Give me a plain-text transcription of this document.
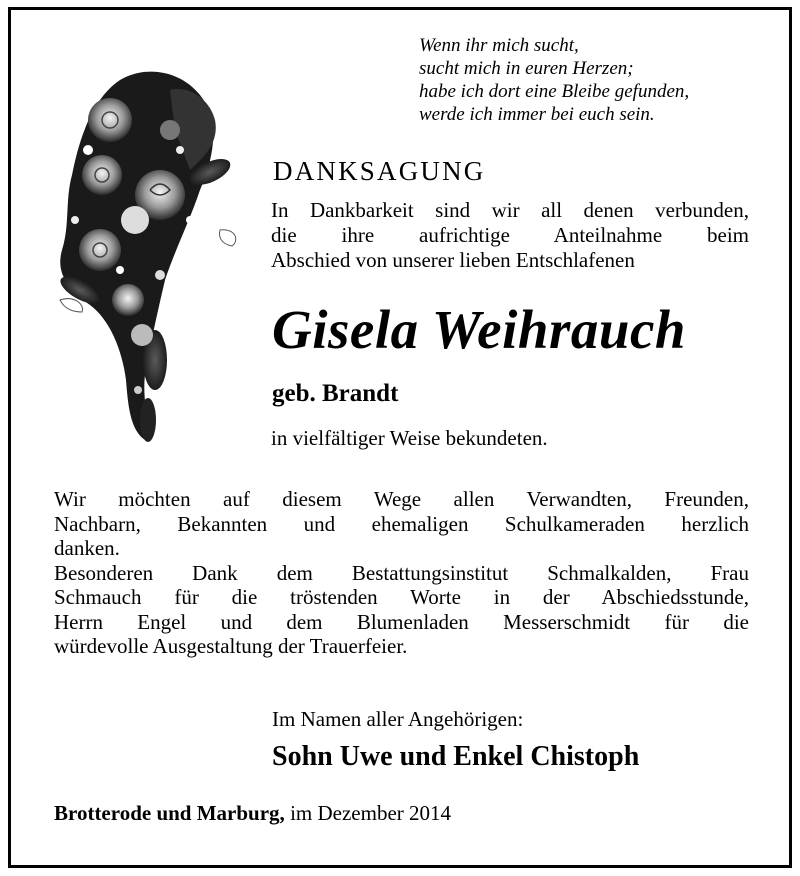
Wenn ihr mich sucht,
sucht mich in euren Herzen;
habe ich dort eine Bleibe gefunden,
werde ich immer bei euch sein.
DANKSAGUNG
In Dankbarkeit sind wir all denen verbunden,
die ihre aufrichtige Anteilnahme beim
Abschied von unserer lieben Entschlafenen
Gisela Weihrauch
geb. Brandt
in vielfältiger Weise bekundeten.
Wir möchten auf diesem Wege allen Verwandten, Freunden,
Nachbarn, Bekannten und ehemaligen Schulkameraden herzlich
danken.
Besonderen Dank dem Bestattungsinstitut Schmalkalden, Frau
Schmauch für die tröstenden Worte in der Abschiedsstunde,
Herrn Engel und dem Blumenladen Messerschmidt für die
würdevolle Ausgestaltung der Trauerfeier.
Im Namen aller Angehörigen:
Sohn Uwe und Enkel Chistoph
Brotterode und Marburg, im Dezember 2014
